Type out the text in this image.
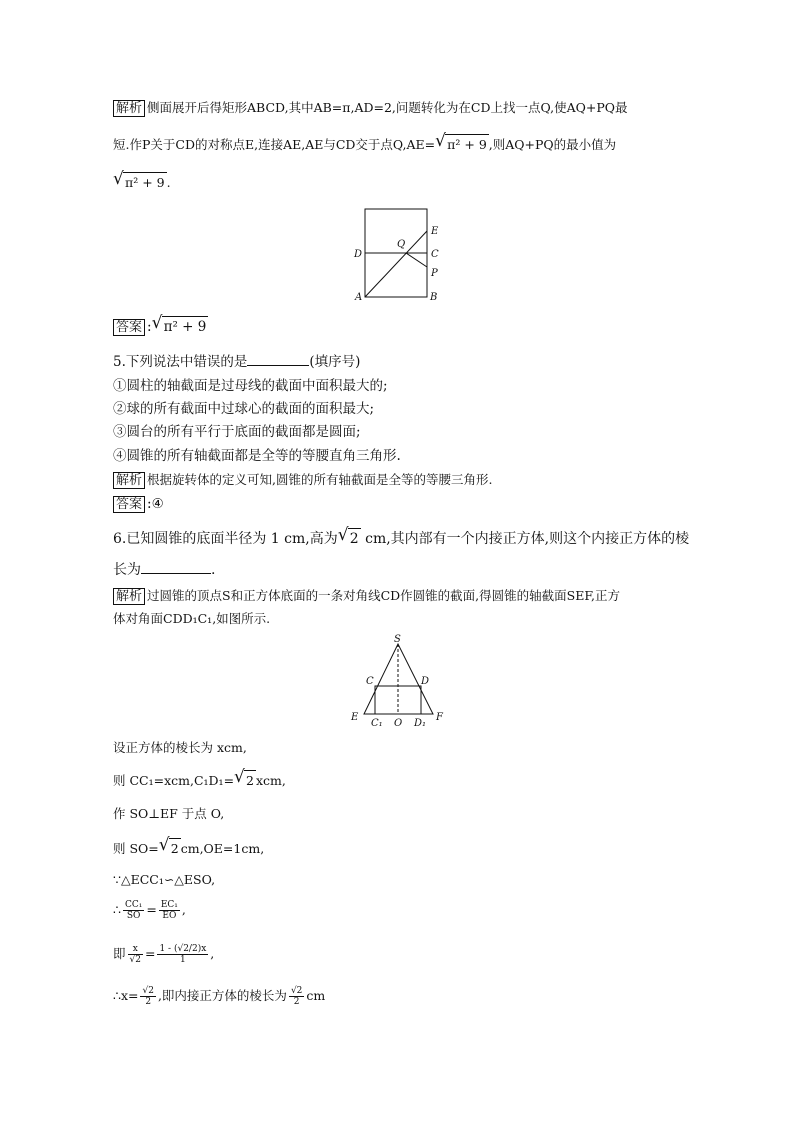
解析 侧面展开后得矩形ABCD,其中AB=π,AD=2,问题转化为在CD上找一点Q,使AQ+PQ最
短.作P关于CD的对称点E,连接AE,AE与CD交于点Q,AE= √ π² + 9 ,则AQ+PQ的最小值为
√ π² + 9 .
D
Q
E
C
P
A	B
答案 : √ π² + 9
5.下列说法中错误的是	(填序号)
①圆柱的轴截面是过母线的截面中面积最大的;
②球的所有截面中过球心的截面的面积最大;
③圆台的所有平行于底面的截面都是圆面;
④圆锥的所有轴截面都是全等的等腰直角三角形.
解析 根据旋转体的定义可知,圆锥的所有轴截面是全等的等腰三角形.
答案 :④
6.已知圆锥的底面半径为 1 cm,高为 √ 2 cm,其内部有一个内接正方体,则这个内接正方体的棱
长为	.
解析 过圆锥的顶点S和正方体底面的一条对角线CD作圆锥的截面,得圆锥的轴截面SEF,正方
体对角面CDD₁C₁,如图所示.
S
C	D
E
C₁ O D₁
F
设正方体的棱长为 xcm,
则 CC₁=xcm,C₁D₁= √ 2 xcm,
作 SO⊥EF 于点 O,
则 SO= √ 2 cm,OE=1cm,
∵△ECC₁∽△ESO,
∴ $\frac{\text{CC₁}}{SO} = \frac{\text{EC₁}}{EO}$ ,
即 $\frac{x}{√2} = \frac{1 - (√2/2)x}{1}$ ,
∴x= $\frac{√2}{2}$ ,即内接正方体的棱长为 $\frac{√2}{2}$ cm
